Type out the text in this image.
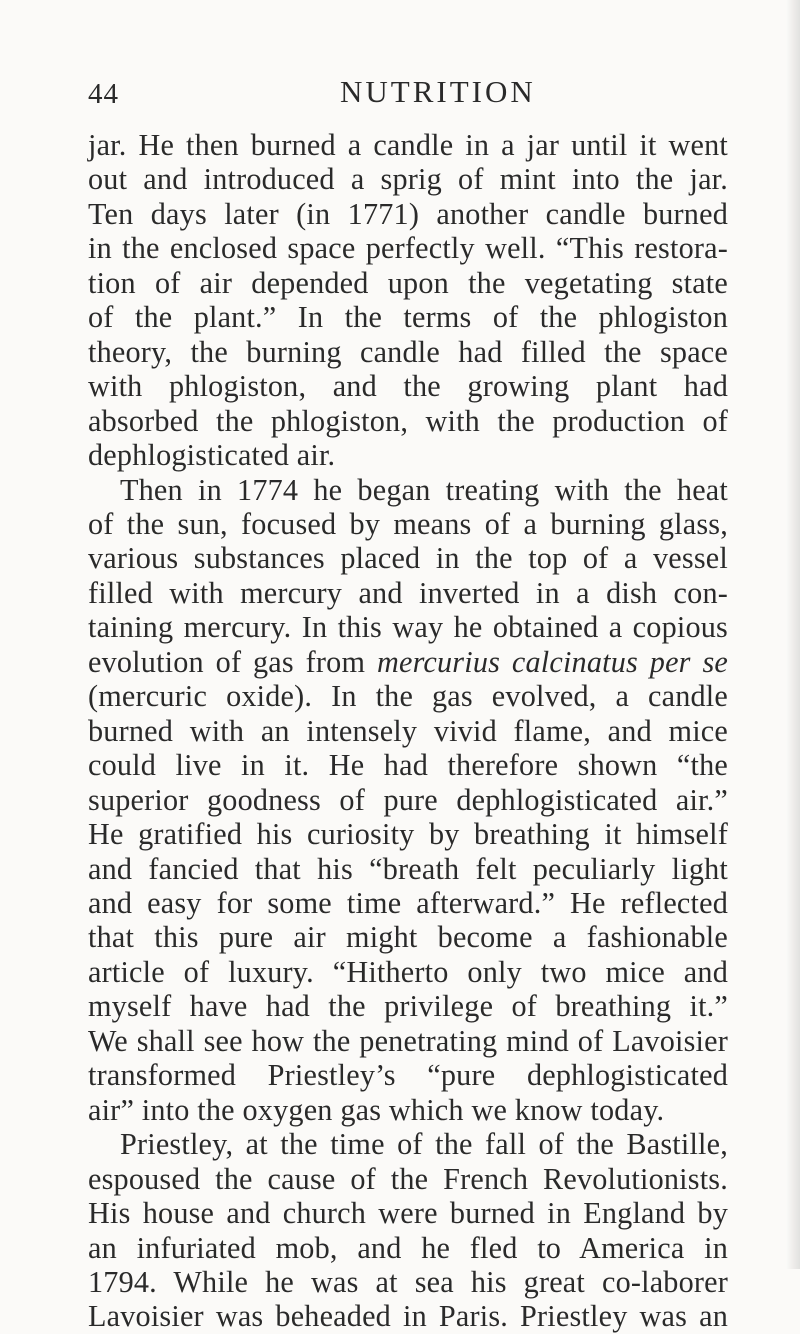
44	NUTRITION
jar. He then burned a candle in a jar until it went
out and introduced a sprig of mint into the jar.
Ten days later (in 1771) another candle burned
in the enclosed space perfectly well. “This restora-
tion of air depended upon the vegetating state
of the plant.” In the terms of the phlogiston
theory, the burning candle had filled the space
with phlogiston, and the growing plant had
absorbed the phlogiston, with the production of
dephlogisticated air.
Then in 1774 he began treating with the heat
of the sun, focused by means of a burning glass,
various substances placed in the top of a vessel
filled with mercury and inverted in a dish con-
taining mercury. In this way he obtained a copious
evolution of gas from mercurius calcinatus per se
(mercuric oxide). In the gas evolved, a candle
burned with an intensely vivid flame, and mice
could live in it. He had therefore shown “the
superior goodness of pure dephlogisticated air.”
He gratified his curiosity by breathing it himself
and fancied that his “breath felt peculiarly light
and easy for some time afterward.” He reflected
that this pure air might become a fashionable
article of luxury. “Hitherto only two mice and
myself have had the privilege of breathing it.”
We shall see how the penetrating mind of Lavoisier
transformed Priestley’s “pure dephlogisticated
air” into the oxygen gas which we know today.
Priestley, at the time of the fall of the Bastille,
espoused the cause of the French Revolutionists.
His house and church were burned in England by
an infuriated mob, and he fled to America in
1794. While he was at sea his great co-laborer
Lavoisier was beheaded in Paris. Priestley was an
